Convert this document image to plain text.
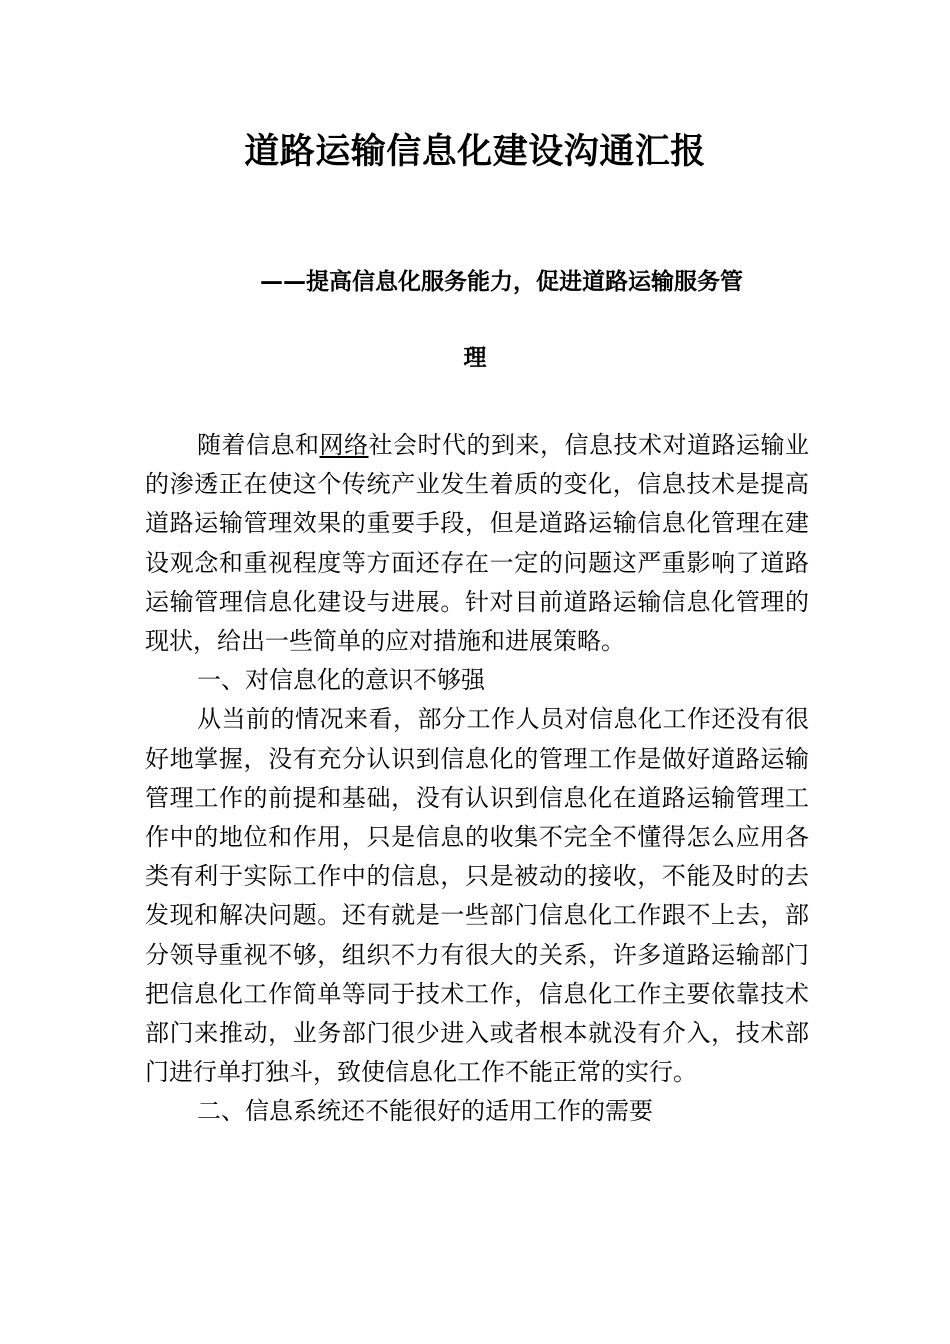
道路运输信息化建设沟通汇报
——提高信息化服务能力，促进道路运输服务管
理

随着信息和网络社会时代的到来，信息技术对道路运输业的渗透正在使这个传统产业发生着质的变化，信息技术是提高道路运输管理效果的重要手段，但是道路运输信息化管理在建设观念和重视程度等方面还存在一定的问题这严重影响了道路运输管理信息化建设与进展。针对目前道路运输信息化管理的现状，给出一些简单的应对措施和进展策略。

一、对信息化的意识不够强

从当前的情况来看，部分工作人员对信息化工作还没有很好地掌握，没有充分认识到信息化的管理工作是做好道路运输管理工作的前提和基础，没有认识到信息化在道路运输管理工作中的地位和作用，只是信息的收集不完全不懂得怎么应用各类有利于实际工作中的信息，只是被动的接收，不能及时的去发现和解决问题。还有就是一些部门信息化工作跟不上去，部分领导重视不够，组织不力有很大的关系，许多道路运输部门把信息化工作简单等同于技术工作，信息化工作主要依靠技术部门来推动，业务部门很少进入或者根本就没有介入，技术部门进行单打独斗，致使信息化工作不能正常的实行。

二、信息系统还不能很好的适用工作的需要
